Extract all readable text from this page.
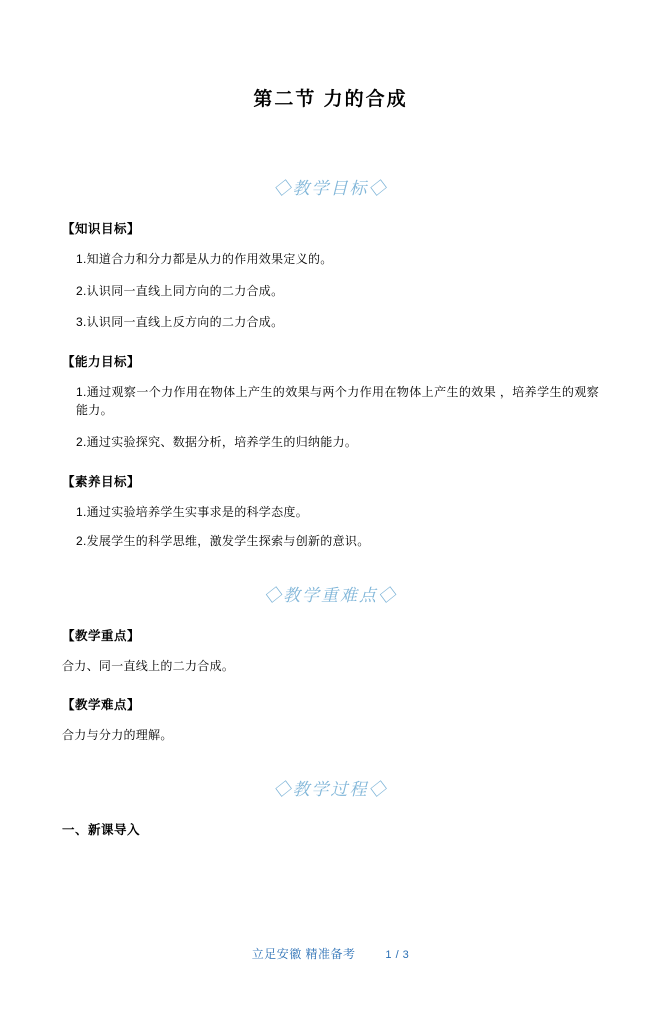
第二节 力的合成
◇教学目标◇
【知识目标】
1.知道合力和分力都是从力的作用效果定义的。
2.认识同一直线上同方向的二力合成。
3.认识同一直线上反方向的二力合成。
【能力目标】
1.通过观察一个力作用在物体上产生的效果与两个力作用在物体上产生的效果 ，培养学生的观察能力。
2.通过实验探究、数据分析，培养学生的归纳能力。
【素养目标】
1.通过实验培养学生实事求是的科学态度。
2.发展学生的科学思维，激发学生探索与创新的意识。
◇教学重难点◇
【教学重点】
合力、同一直线上的二力合成。
【教学难点】
合力与分力的理解。
◇教学过程◇
一、新课导入
立足安徽 精准备考	1 / 3
